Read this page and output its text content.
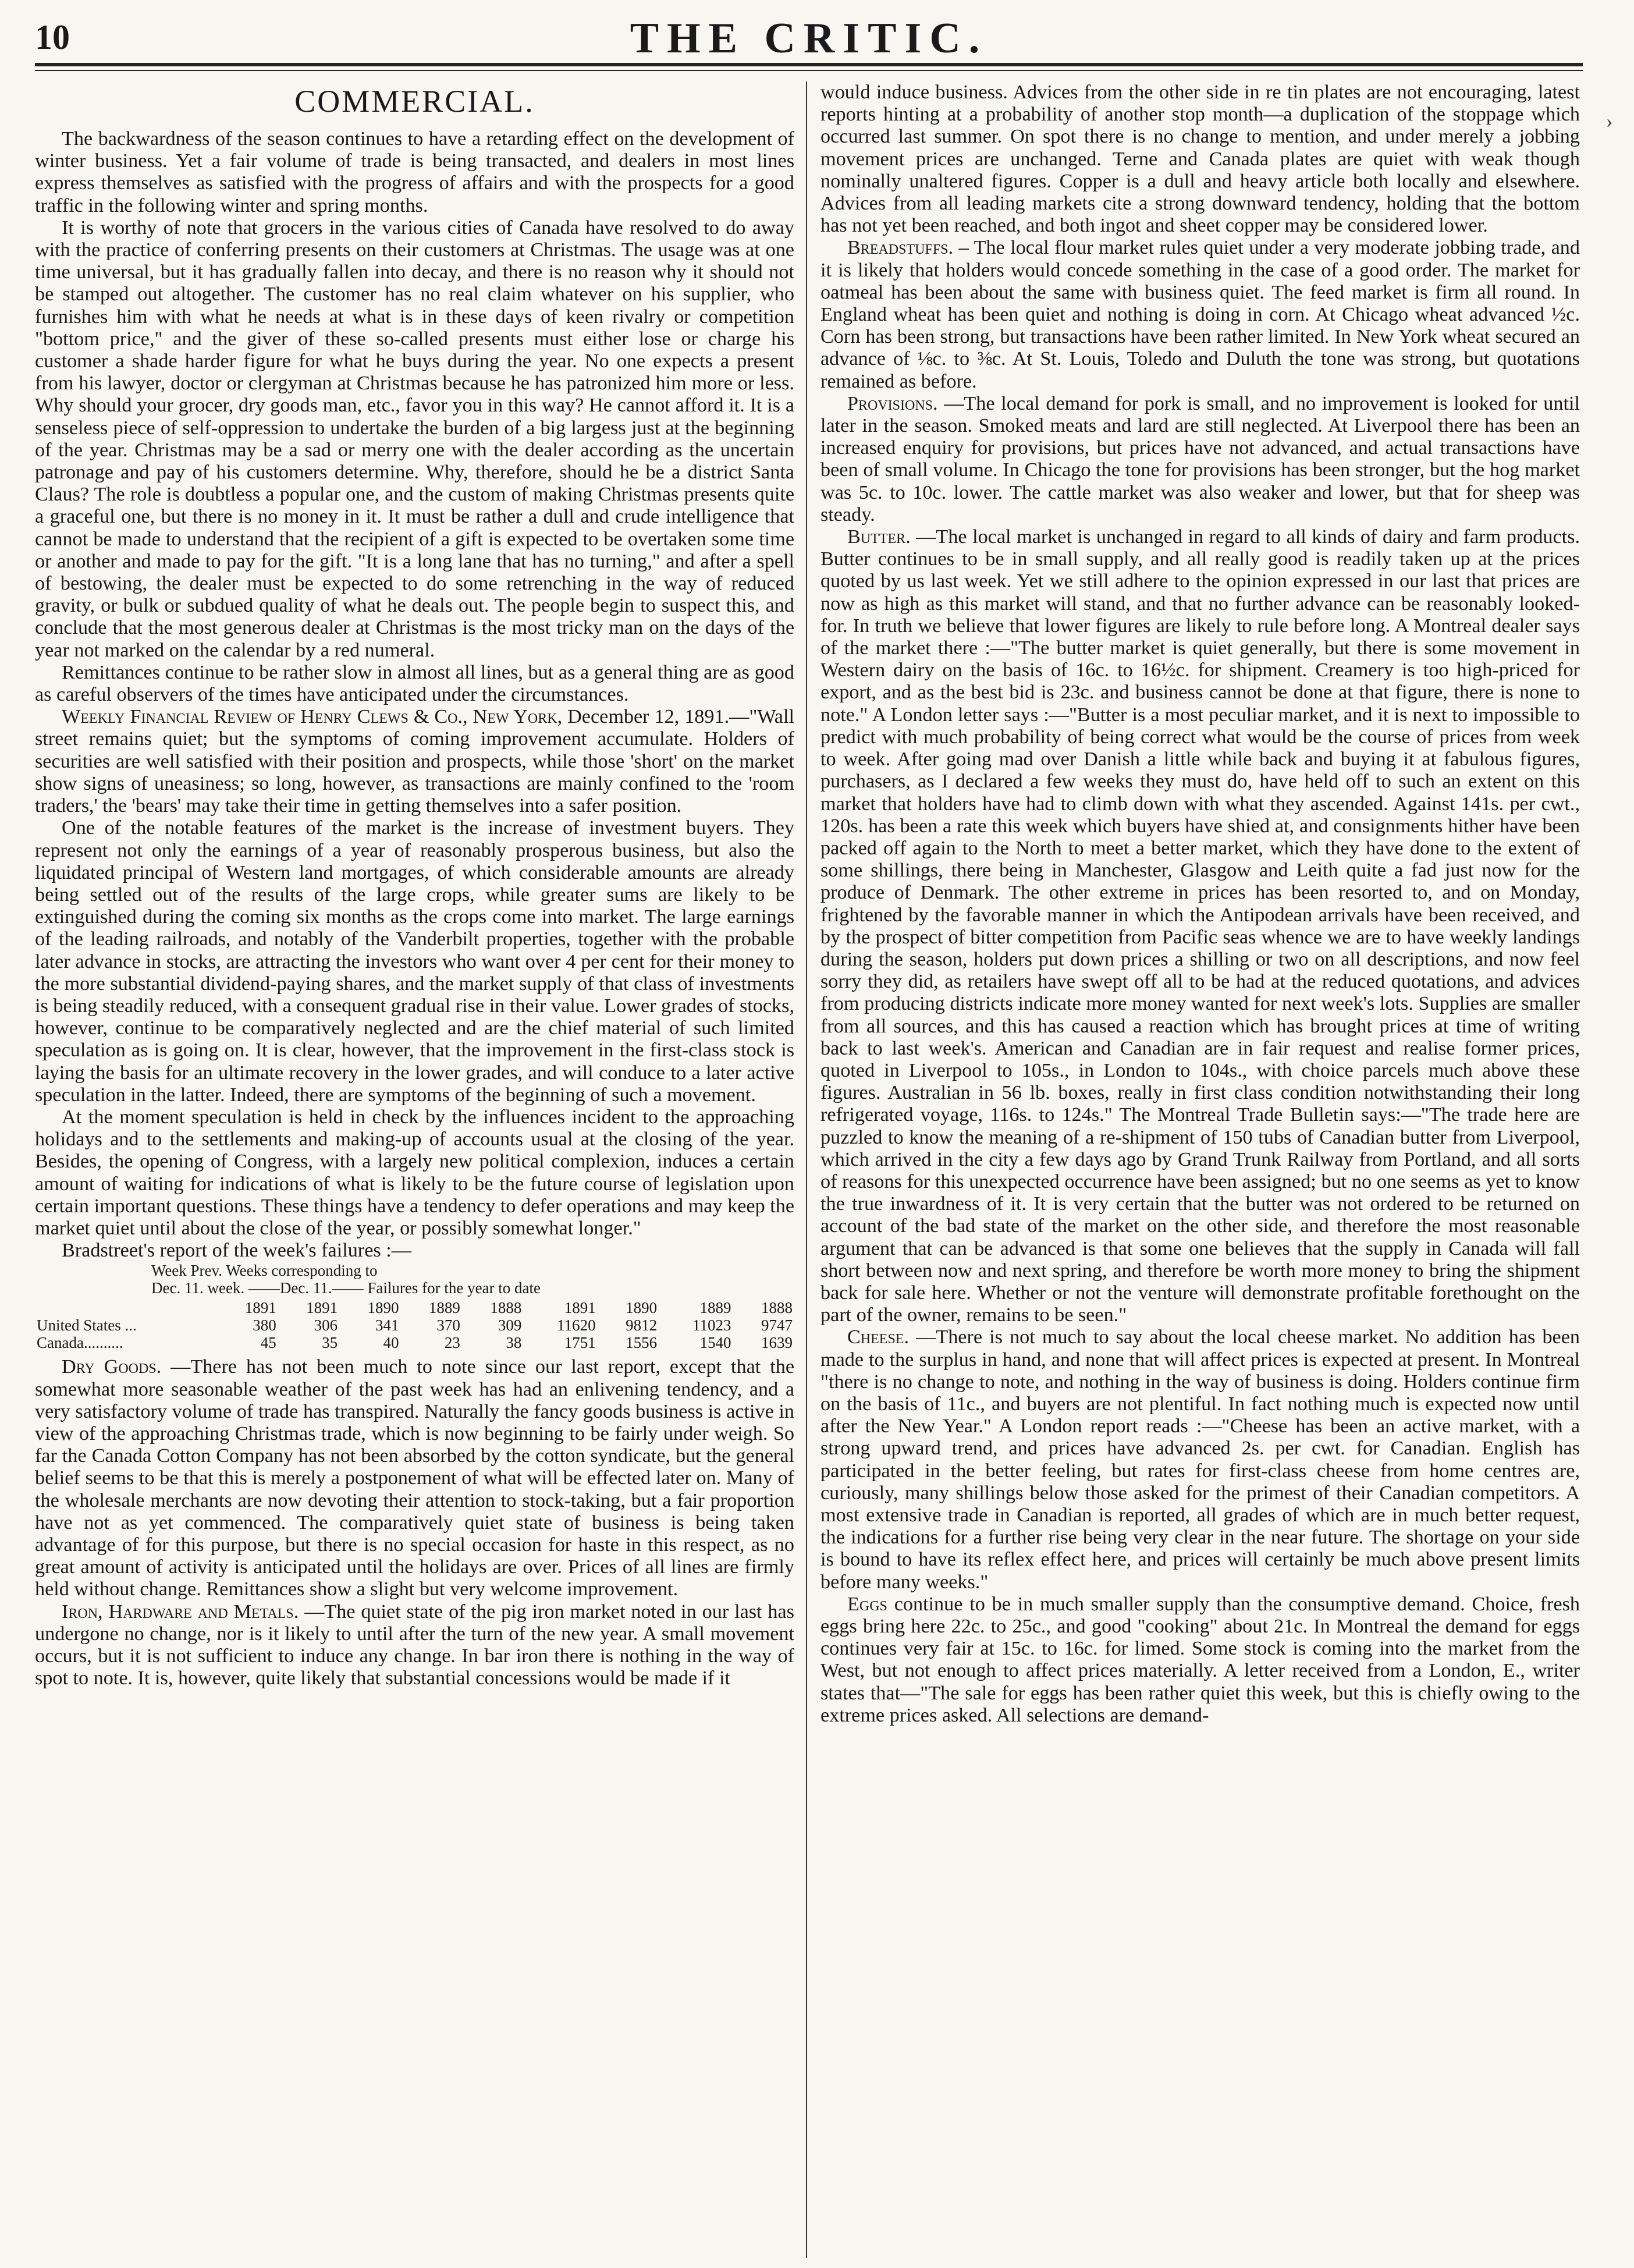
10	THE CRITIC.
COMMERCIAL.

The backwardness of the season continues to have a retarding effect on the development of winter business. Yet a fair volume of trade is being transacted, and dealers in most lines express themselves as satisfied with the progress of affairs and with the prospects for a good traffic in the following winter and spring months.

It is worthy of note that grocers in the various cities of Canada have resolved to do away with the practice of conferring presents on their customers at Christmas. The usage was at one time universal, but it has gradually fallen into decay, and there is no reason why it should not be stamped out altogether. The customer has no real claim whatever on his supplier, who furnishes him with what he needs at what is in these days of keen rivalry or competition "bottom price," and the giver of these so-called presents must either lose or charge his customer a shade harder figure for what he buys during the year. No one expects a present from his lawyer, doctor or clergyman at Christmas because he has patronized him more or less. Why should your grocer, dry goods man, etc., favor you in this way? He cannot afford it. It is a senseless piece of self-oppression to undertake the burden of a big largess just at the beginning of the year. Christmas may be a sad or merry one with the dealer according as the uncertain patronage and pay of his customers determine. Why, therefore, should he be a district Santa Claus? The role is doubtless a popular one, and the custom of making Christmas presents quite a graceful one, but there is no money in it. It must be rather a dull and crude intelligence that cannot be made to understand that the recipient of a gift is expected to be overtaken some time or another and made to pay for the gift. "It is a long lane that has no turning," and after a spell of bestowing, the dealer must be expected to do some retrenching in the way of reduced gravity, or bulk or subdued quality of what he deals out. The people begin to suspect this, and conclude that the most generous dealer at Christmas is the most tricky man on the days of the year not marked on the calendar by a red numeral.

Remittances continue to be rather slow in almost all lines, but as a general thing are as good as careful observers of the times have anticipated under the circumstances.

Weekly Financial Review of Henry Clews & Co., New York, December 12, 1891.—"Wall street remains quiet; but the symptoms of coming improvement accumulate. Holders of securities are well satisfied with their position and prospects, while those 'short' on the market show signs of uneasiness; so long, however, as transactions are mainly confined to the 'room traders,' the 'bears' may take their time in getting themselves into a safer position.

One of the notable features of the market is the increase of investment buyers. They represent not only the earnings of a year of reasonably prosperous business, but also the liquidated principal of Western land mortgages, of which considerable amounts are already being settled out of the results of the large crops, while greater sums are likely to be extinguished during the coming six months as the crops come into market. The large earnings of the leading railroads, and notably of the Vanderbilt properties, together with the probable later advance in stocks, are attracting the investors who want over 4 per cent for their money to the more substantial dividend-paying shares, and the market supply of that class of investments is being steadily reduced, with a consequent gradual rise in their value. Lower grades of stocks, however, continue to be comparatively neglected and are the chief material of such limited speculation as is going on. It is clear, however, that the improvement in the first-class stock is laying the basis for an ultimate recovery in the lower grades, and will conduce to a later active speculation in the latter. Indeed, there are symptoms of the beginning of such a movement.

At the moment speculation is held in check by the influences incident to the approaching holidays and to the settlements and making-up of accounts usual at the closing of the year. Besides, the opening of Congress, with a largely new political complexion, induces a certain amount of waiting for indications of what is likely to be the future course of legislation upon certain important questions. These things have a tendency to defer operations and may keep the market quiet until about the close of the year, or possibly somewhat longer."

Bradstreet's report of the week's failures :—

Week Prev. Weeks corresponding to
Dec. 11. week. ——Dec. 11.—— Failures for the year to date
	1891	1891	1890	1889	1888	1891	1890	1889	1888
United States ...	380	306	341	370	309	11620	9812	11023	9747
Canada..........	45	35	40	23	38	1751	1556	1540	1639

Dry Goods. —There has not been much to note since our last report, except that the somewhat more seasonable weather of the past week has had an enlivening tendency, and a very satisfactory volume of trade has transpired. Naturally the fancy goods business is active in view of the approaching Christmas trade, which is now beginning to be fairly under weigh. So far the Canada Cotton Company has not been absorbed by the cotton syndicate, but the general belief seems to be that this is merely a postponement of what will be effected later on. Many of the wholesale merchants are now devoting their attention to stock-taking, but a fair proportion have not as yet commenced. The comparatively quiet state of business is being taken advantage of for this purpose, but there is no special occasion for haste in this respect, as no great amount of activity is anticipated until the holidays are over. Prices of all lines are firmly held without change. Remittances show a slight but very welcome improvement.

Iron, Hardware and Metals. —The quiet state of the pig iron market noted in our last has undergone no change, nor is it likely to until after the turn of the new year. A small movement occurs, but it is not sufficient to induce any change. In bar iron there is nothing in the way of spot to note. It is, however, quite likely that substantial concessions would be made if it

would induce business. Advices from the other side in re tin plates are not encouraging, latest reports hinting at a probability of another stop month—a duplication of the stoppage which occurred last summer. On spot there is no change to mention, and under merely a jobbing movement prices are unchanged. Terne and Canada plates are quiet with weak though nominally unaltered figures. Copper is a dull and heavy article both locally and elsewhere. Advices from all leading markets cite a strong downward tendency, holding that the bottom has not yet been reached, and both ingot and sheet copper may be considered lower.

Breadstuffs. – The local flour market rules quiet under a very moderate jobbing trade, and it is likely that holders would concede something in the case of a good order. The market for oatmeal has been about the same with business quiet. The feed market is firm all round. In England wheat has been quiet and nothing is doing in corn. At Chicago wheat advanced ½c. Corn has been strong, but transactions have been rather limited. In New York wheat secured an advance of ⅛c. to ⅜c. At St. Louis, Toledo and Duluth the tone was strong, but quotations remained as before.

Provisions. —The local demand for pork is small, and no improvement is looked for until later in the season. Smoked meats and lard are still neglected. At Liverpool there has been an increased enquiry for provisions, but prices have not advanced, and actual transactions have been of small volume. In Chicago the tone for provisions has been stronger, but the hog market was 5c. to 10c. lower. The cattle market was also weaker and lower, but that for sheep was steady.

Butter. —The local market is unchanged in regard to all kinds of dairy and farm products. Butter continues to be in small supply, and all really good is readily taken up at the prices quoted by us last week. Yet we still adhere to the opinion expressed in our last that prices are now as high as this market will stand, and that no further advance can be reasonably looked-for. In truth we believe that lower figures are likely to rule before long. A Montreal dealer says of the market there :—"The butter market is quiet generally, but there is some movement in Western dairy on the basis of 16c. to 16½c. for shipment. Creamery is too high-priced for export, and as the best bid is 23c. and business cannot be done at that figure, there is none to note." A London letter says :—"Butter is a most peculiar market, and it is next to impossible to predict with much probability of being correct what would be the course of prices from week to week. After going mad over Danish a little while back and buying it at fabulous figures, purchasers, as I declared a few weeks they must do, have held off to such an extent on this market that holders have had to climb down with what they ascended. Against 141s. per cwt., 120s. has been a rate this week which buyers have shied at, and consignments hither have been packed off again to the North to meet a better market, which they have done to the extent of some shillings, there being in Manchester, Glasgow and Leith quite a fad just now for the produce of Denmark. The other extreme in prices has been resorted to, and on Monday, frightened by the favorable manner in which the Antipodean arrivals have been received, and by the prospect of bitter competition from Pacific seas whence we are to have weekly landings during the season, holders put down prices a shilling or two on all descriptions, and now feel sorry they did, as retailers have swept off all to be had at the reduced quotations, and advices from producing districts indicate more money wanted for next week's lots. Supplies are smaller from all sources, and this has caused a reaction which has brought prices at time of writing back to last week's. American and Canadian are in fair request and realise former prices, quoted in Liverpool to 105s., in London to 104s., with choice parcels much above these figures. Australian in 56 lb. boxes, really in first class condition notwithstanding their long refrigerated voyage, 116s. to 124s." The Montreal Trade Bulletin says:—"The trade here are puzzled to know the meaning of a re-shipment of 150 tubs of Canadian butter from Liverpool, which arrived in the city a few days ago by Grand Trunk Railway from Portland, and all sorts of reasons for this unexpected occurrence have been assigned; but no one seems as yet to know the true inwardness of it. It is very certain that the butter was not ordered to be returned on account of the bad state of the market on the other side, and therefore the most reasonable argument that can be advanced is that some one believes that the supply in Canada will fall short between now and next spring, and therefore be worth more money to bring the shipment back for sale here. Whether or not the venture will demonstrate profitable forethought on the part of the owner, remains to be seen."

Cheese. —There is not much to say about the local cheese market. No addition has been made to the surplus in hand, and none that will affect prices is expected at present. In Montreal "there is no change to note, and nothing in the way of business is doing. Holders continue firm on the basis of 11c., and buyers are not plentiful. In fact nothing much is expected now until after the New Year." A London report reads :—"Cheese has been an active market, with a strong upward trend, and prices have advanced 2s. per cwt. for Canadian. English has participated in the better feeling, but rates for first-class cheese from home centres are, curiously, many shillings below those asked for the primest of their Canadian competitors. A most extensive trade in Canadian is reported, all grades of which are in much better request, the indications for a further rise being very clear in the near future. The shortage on your side is bound to have its reflex effect here, and prices will certainly be much above present limits before many weeks."

Eggs continue to be in much smaller supply than the consumptive demand. Choice, fresh eggs bring here 22c. to 25c., and good "cooking" about 21c. In Montreal the demand for eggs continues very fair at 15c. to 16c. for limed. Some stock is coming into the market from the West, but not enough to affect prices materially. A letter received from a London, E., writer states that—"The sale for eggs has been rather quiet this week, but this is chiefly owing to the extreme prices asked. All selections are demand-

›
